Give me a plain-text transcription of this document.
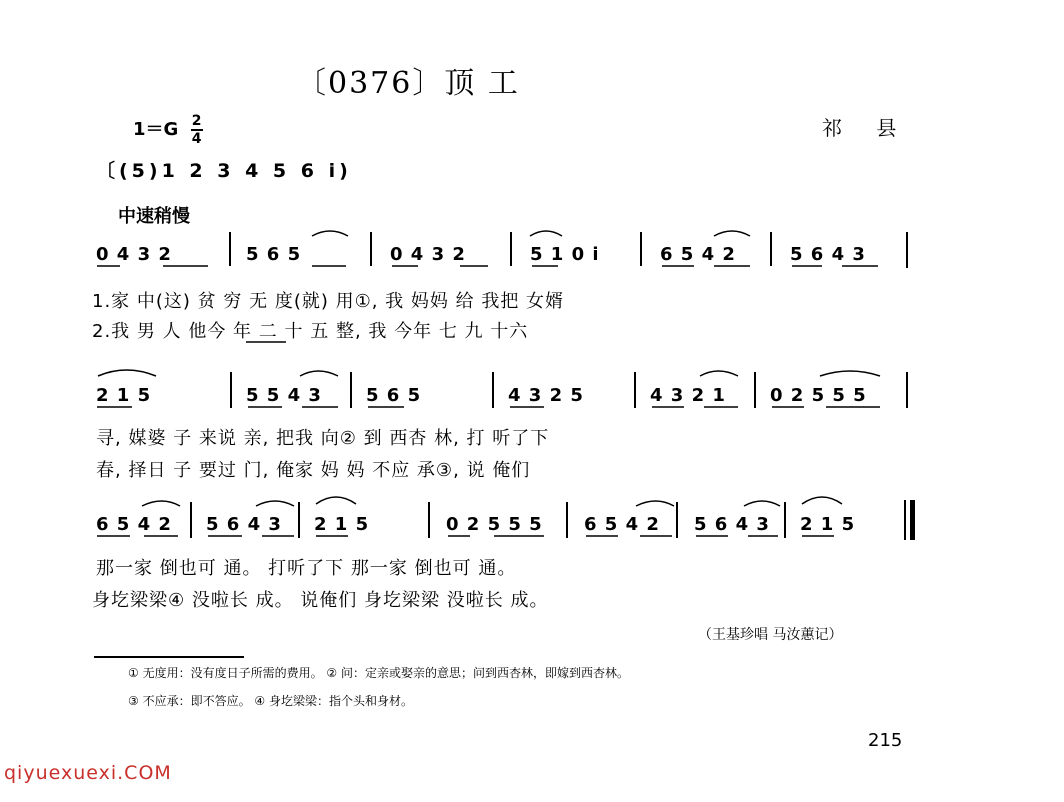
〔0376〕顶 工
$1=G \frac{2}{4}$	祁 县
〔(5)1 2 3 4 5 6 i)
中速稍慢
0 4 3 2	5 6 5	0 4 3 2	5 1 0 i	6 5 4 2	5 6 4 3
1.家 中(这) 贫 穷 无 度(就) 用①, 我 妈妈 给 我把 女婿
2.我 男 人 他今 年 二 十 五 整, 我 今年 七 九 十六
2 1 5	5 5 4 3 5 6 5	4 3 2 5	4 3 2 1 0 2 5 5 5
寻, 媒婆 子 来说 亲, 把我 向② 到 西杏 林, 打 听了下
春, 择日 子 要过 门, 俺家 妈 妈 不应 承③, 说 俺们
6 5 4 2 5 6 4 3 2 1 5	0 2 5 5 5 6 5 4 2 5 6 4 3 2 1 5
那一家 倒也可 通。 打听了下 那一家 倒也可 通。
身圪梁梁④ 没啦长 成。 说俺们 身圪梁梁 没啦长 成。
（王基珍唱 马汝蕙记）
① 无度用：没有度日子所需的费用。 ② 问：定亲或娶亲的意思；问到西杏林，即嫁到西杏林。
③ 不应承：即不答应。 ④ 身圪梁梁：指个头和身材。
215
qiyuexuexi.COM
